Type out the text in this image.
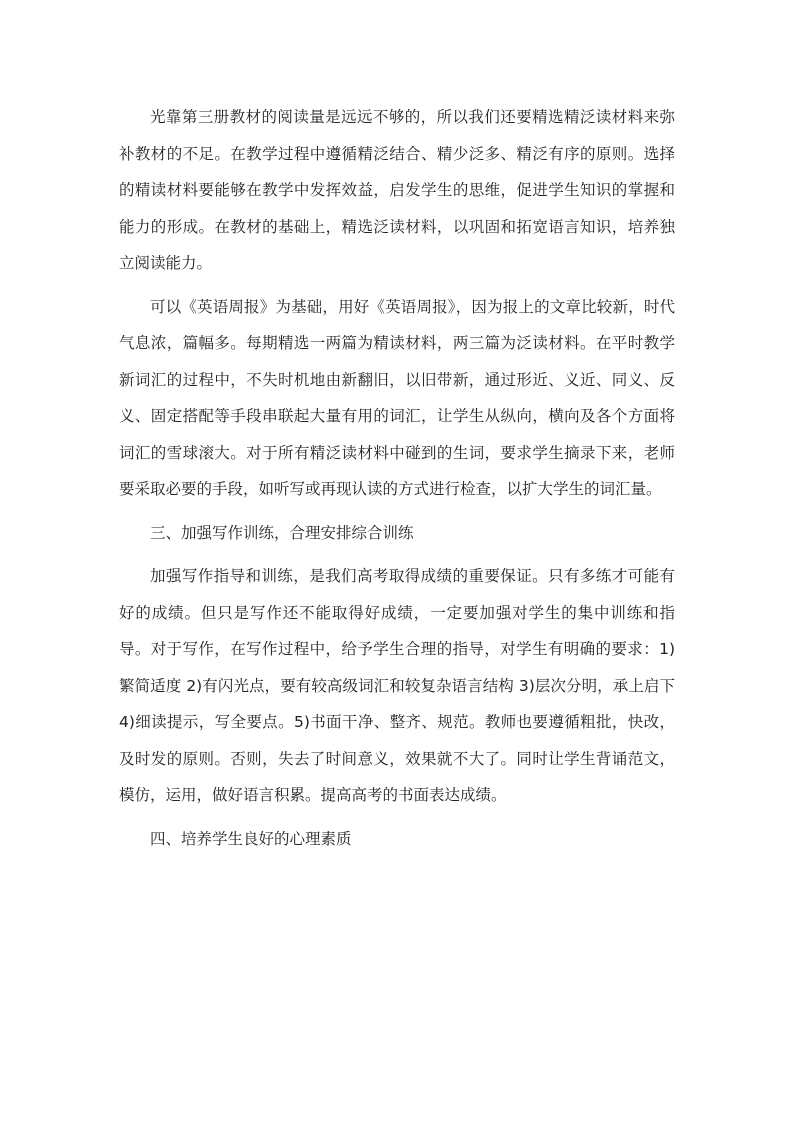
光靠第三册教材的阅读量是远远不够的，所以我们还要精选精泛读材料来弥补教材的不足。在教学过程中遵循精泛结合、精少泛多、精泛有序的原则。选择的精读材料要能够在教学中发挥效益，启发学生的思维，促进学生知识的掌握和能力的形成。在教材的基础上，精选泛读材料，以巩固和拓宽语言知识，培养独立阅读能力。

可以《英语周报》为基础，用好《英语周报》，因为报上的文章比较新，时代气息浓，篇幅多。每期精选一两篇为精读材料，两三篇为泛读材料。在平时教学新词汇的过程中，不失时机地由新翻旧，以旧带新，通过形近、义近、同义、反义、固定搭配等手段串联起大量有用的词汇，让学生从纵向，横向及各个方面将词汇的雪球滚大。对于所有精泛读材料中碰到的生词，要求学生摘录下来，老师要采取必要的手段，如听写或再现认读的方式进行检查，以扩大学生的词汇量。

三、加强写作训练，合理安排综合训练

加强写作指导和训练，是我们高考取得成绩的重要保证。只有多练才可能有好的成绩。但只是写作还不能取得好成绩，一定要加强对学生的集中训练和指导。对于写作，在写作过程中，给予学生合理的指导，对学生有明确的要求：1)繁简适度 2)有闪光点，要有较高级词汇和较复杂语言结构 3)层次分明，承上启下 4)细读提示，写全要点。5)书面干净、整齐、规范。教师也要遵循粗批，快改，及时发的原则。否则，失去了时间意义，效果就不大了。同时让学生背诵范文，模仿，运用，做好语言积累。提高高考的书面表达成绩。

四、培养学生良好的心理素质
